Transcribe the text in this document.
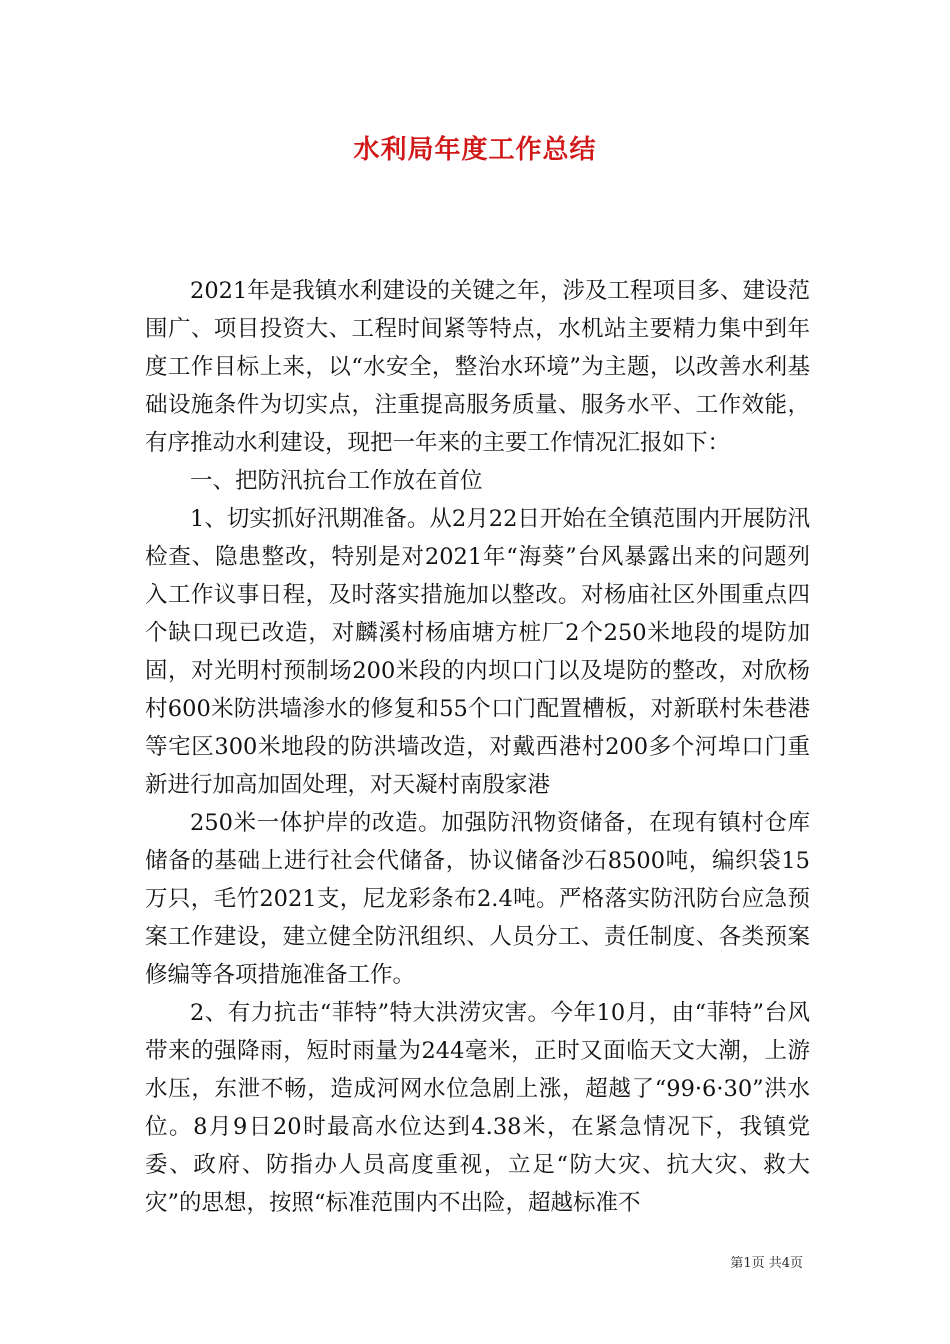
水利局年度工作总结

2021年是我镇水利建设的关键之年，涉及工程项目多、建设范围广、项目投资大、工程时间紧等特点，水机站主要精力集中到年度工作目标上来，以“水安全，整治水环境”为主题，以改善水利基础设施条件为切实点，注重提高服务质量、服务水平、工作效能，有序推动水利建设，现把一年来的主要工作情况汇报如下：

一、把防汛抗台工作放在首位

1、切实抓好汛期准备。从2月22日开始在全镇范围内开展防汛检查、隐患整改，特别是对2021年“海葵”台风暴露出来的问题列入工作议事日程，及时落实措施加以整改。对杨庙社区外围重点四个缺口现已改造，对麟溪村杨庙塘方桩厂2个250米地段的堤防加固，对光明村预制场200米段的内坝口门以及堤防的整改，对欣杨村600米防洪墙渗水的修复和55个口门配置槽板，对新联村朱巷港等宅区300米地段的防洪墙改造，对戴西港村200多个河埠口门重新进行加高加固处理，对天凝村南殷家港

250米一体护岸的改造。加强防汛物资储备，在现有镇村仓库储备的基础上进行社会代储备，协议储备沙石8500吨，编织袋15万只，毛竹2021支，尼龙彩条布2.4吨。严格落实防汛防台应急预案工作建设，建立健全防汛组织、人员分工、责任制度、各类预案修编等各项措施准备工作。

2、有力抗击“菲特”特大洪涝灾害。今年10月，由“菲特”台风带来的强降雨，短时雨量为244毫米，正时又面临天文大潮，上游水压，东泄不畅，造成河网水位急剧上涨，超越了“99·6·30”洪水位。8月9日20时最高水位达到4.38米，在紧急情况下，我镇党委、政府、防指办人员高度重视，立足“防大灾、抗大灾、救大灾”的思想，按照“标准范围内不出险，超越标准不

第1页 共4页
